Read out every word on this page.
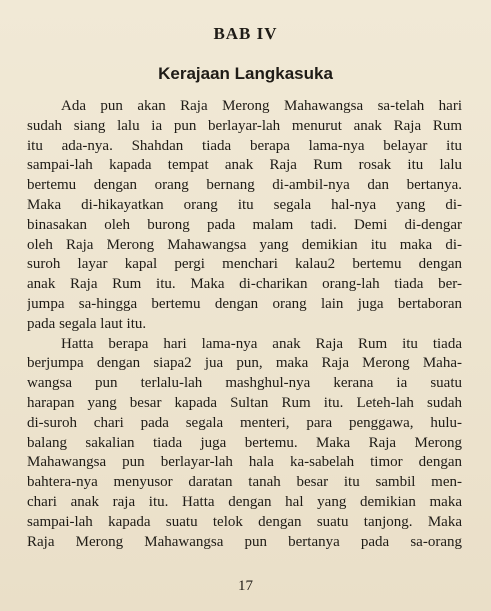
BAB IV
Kerajaan Langkasuka
Ada pun akan Raja Merong Mahawangsa sa-telah hari
sudah siang lalu ia pun berlayar-lah menurut anak Raja Rum
itu ada-nya. Shahdan tiada berapa lama-nya belayar itu
sampai-lah kapada tempat anak Raja Rum rosak itu lalu
bertemu dengan orang bernang di-ambil-nya dan bertanya.
Maka di-hikayatkan orang itu segala hal-nya yang di-
binasakan oleh burong pada malam tadi. Demi di-dengar
oleh Raja Merong Mahawangsa yang demikian itu maka di-
suroh layar kapal pergi menchari kalau2 bertemu dengan
anak Raja Rum itu. Maka di-charikan orang-lah tiada ber-
jumpa sa-hingga bertemu dengan orang lain juga bertaboran
pada segala laut itu.
Hatta berapa hari lama-nya anak Raja Rum itu tiada
berjumpa dengan siapa2 jua pun, maka Raja Merong Maha-
wangsa pun terlalu-lah mashghul-nya kerana ia suatu
harapan yang besar kapada Sultan Rum itu. Leteh-lah sudah
di-suroh chari pada segala menteri, para penggawa, hulu-
balang sakalian tiada juga bertemu. Maka Raja Merong
Mahawangsa pun berlayar-lah hala ka-sabelah timor dengan
bahtera-nya menyusor daratan tanah besar itu sambil men-
chari anak raja itu. Hatta dengan hal yang demikian maka
sampai-lah kapada suatu telok dengan suatu tanjong. Maka
Raja Merong Mahawangsa pun bertanya pada sa-orang
17
